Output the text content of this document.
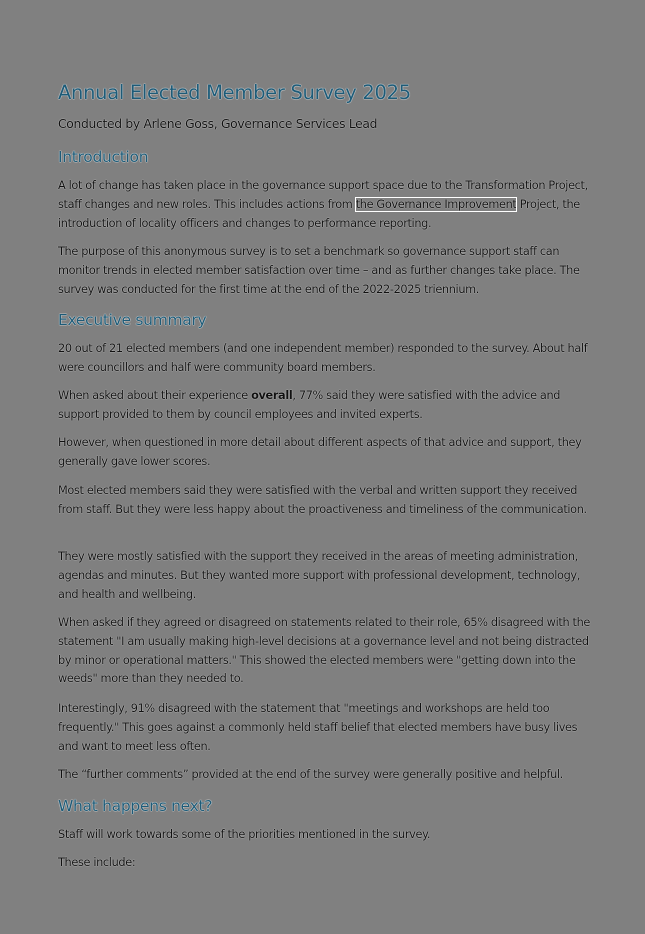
Annual Elected Member Survey 2025
Conducted by Arlene Goss, Governance Services Lead
Introduction

A lot of change has taken place in the governance support space due to the Transformation Project, staff changes and new roles. This includes actions from the Governance Improvement Project, the introduction of locality officers and changes to performance reporting.

The purpose of this anonymous survey is to set a benchmark so governance support staff can monitor trends in elected member satisfaction over time – and as further changes take place. The survey was conducted for the first time at the end of the 2022-2025 triennium.

Executive summary

20 out of 21 elected members (and one independent member) responded to the survey. About half were councillors and half were community board members.

When asked about their experience overall, 77% said they were satisfied with the advice and support provided to them by council employees and invited experts.

However, when questioned in more detail about different aspects of that advice and support, they generally gave lower scores.

Most elected members said they were satisfied with the verbal and written support they received from staff. But they were less happy about the proactiveness and timeliness of the communication.

They were mostly satisfied with the support they received in the areas of meeting administration, agendas and minutes. But they wanted more support with professional development, technology, and health and wellbeing.

When asked if they agreed or disagreed on statements related to their role, 65% disagreed with the statement "I am usually making high-level decisions at a governance level and not being distracted by minor or operational matters." This showed the elected members were "getting down into the weeds" more than they needed to.

Interestingly, 91% disagreed with the statement that "meetings and workshops are held too frequently." This goes against a commonly held staff belief that elected members have busy lives and want to meet less often.

The “further comments” provided at the end of the survey were generally positive and helpful.

What happens next?

Staff will work towards some of the priorities mentioned in the survey.

These include:
